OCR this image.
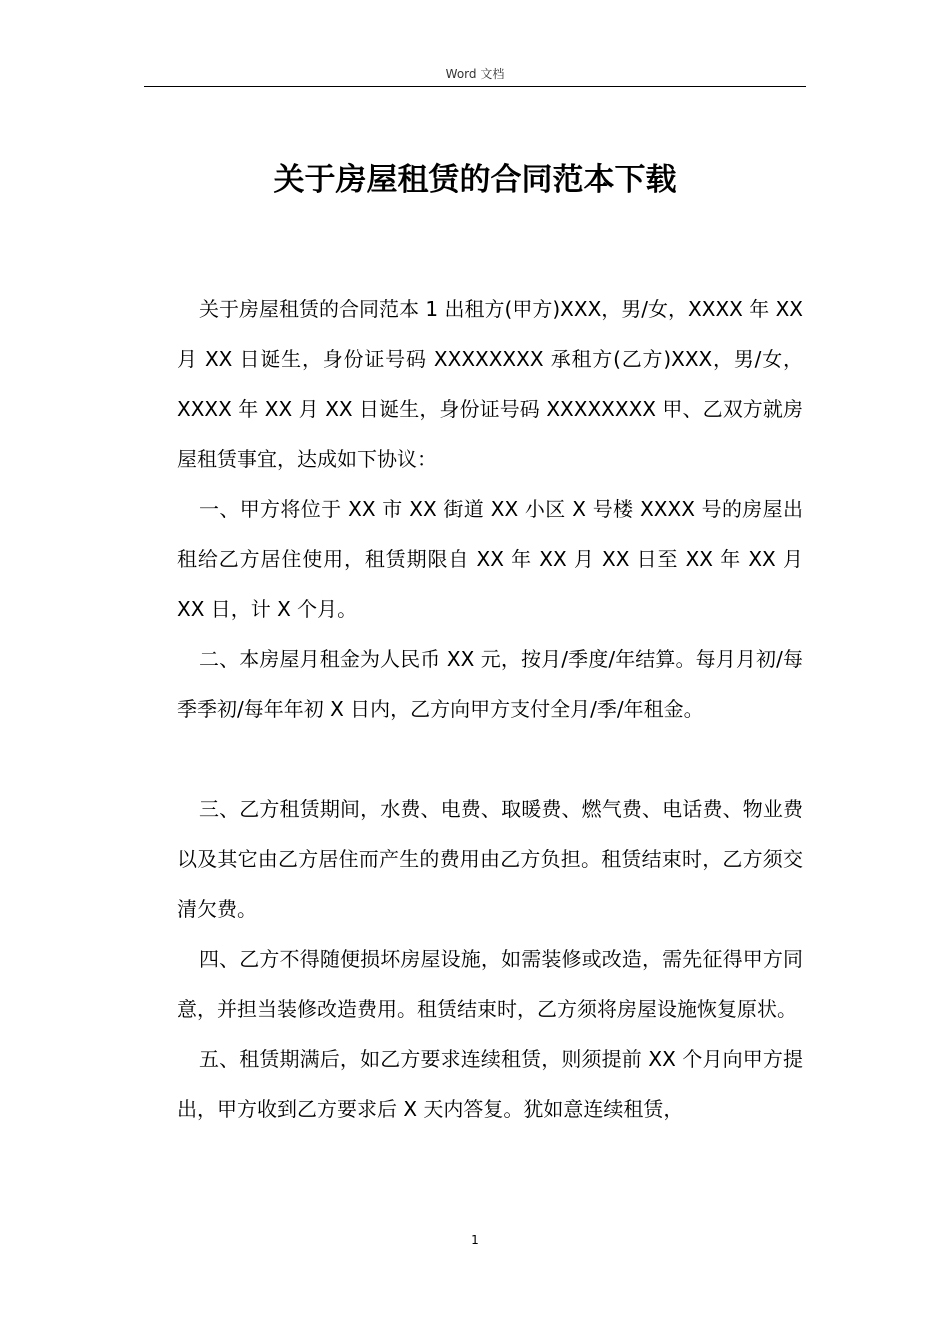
Word 文档
关于房屋租赁的合同范本下载

关于房屋租赁的合同范本 1 出租方(甲方)XXX，男/女，XXXX 年 XX 月 XX 日诞生，身份证号码 XXXXXXXX 承租方(乙方)XXX，男/女，XXXX 年 XX 月 XX 日诞生，身份证号码 XXXXXXXX 甲、乙双方就房屋租赁事宜，达成如下协议：

一、甲方将位于 XX 市 XX 街道 XX 小区 X 号楼 XXXX 号的房屋出租给乙方居住使用，租赁期限自 XX 年 XX 月 XX 日至 XX 年 XX 月 XX 日，计 X 个月。

二、本房屋月租金为人民币 XX 元，按月/季度/年结算。每月月初/每季季初/每年年初 X 日内，乙方向甲方支付全月/季/年租金。

三、乙方租赁期间，水费、电费、取暖费、燃气费、电话费、物业费以及其它由乙方居住而产生的费用由乙方负担。租赁结束时，乙方须交清欠费。

四、乙方不得随便损坏房屋设施，如需装修或改造，需先征得甲方同意，并担当装修改造费用。租赁结束时，乙方须将房屋设施恢复原状。

五、租赁期满后，如乙方要求连续租赁，则须提前 XX 个月向甲方提出，甲方收到乙方要求后 X 天内答复。犹如意连续租赁，

1
